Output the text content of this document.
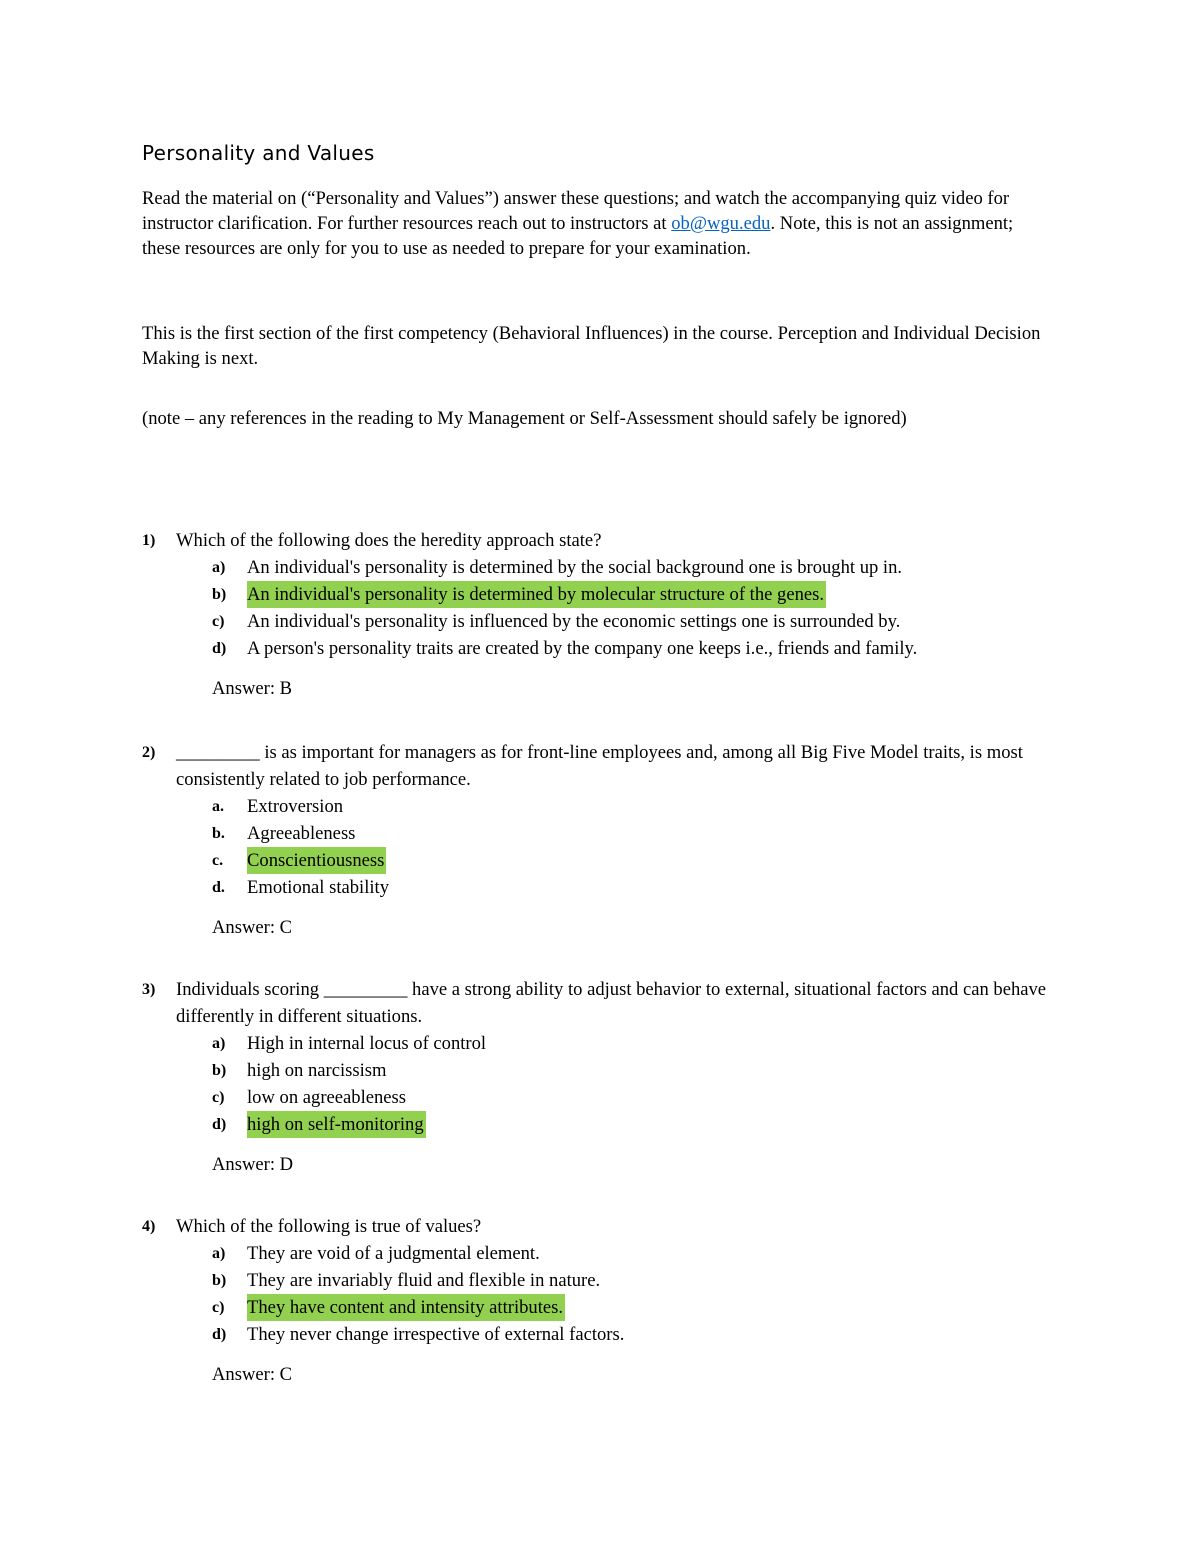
Personality and Values
Read the material on (“Personality and Values”) answer these questions; and watch the accompanying quiz video for instructor clarification. For further resources reach out to instructors at ob@wgu.edu. Note, this is not an assignment; these resources are only for you to use as needed to prepare for your examination.
This is the first section of the first competency (Behavioral Influences) in the course. Perception and Individual Decision Making is next.
(note – any references in the reading to My Management or Self-Assessment should safely be ignored)
1) Which of the following does the heredity approach state?
a) An individual's personality is determined by the social background one is brought up in.
b) An individual's personality is determined by molecular structure of the genes.
c) An individual's personality is influenced by the economic settings one is surrounded by.
d) A person's personality traits are created by the company one keeps i.e., friends and family.
Answer: B
2) _________ is as important for managers as for front-line employees and, among all Big Five Model traits, is most consistently related to job performance.
a. Extroversion
b. Agreeableness
c. Conscientiousness
d. Emotional stability
Answer: C
3) Individuals scoring _________ have a strong ability to adjust behavior to external, situational factors and can behave differently in different situations.
a) High in internal locus of control
b) high on narcissism
c) low on agreeableness
d) high on self-monitoring
Answer: D
4) Which of the following is true of values?
a) They are void of a judgmental element.
b) They are invariably fluid and flexible in nature.
c) They have content and intensity attributes.
d) They never change irrespective of external factors.
Answer: C
